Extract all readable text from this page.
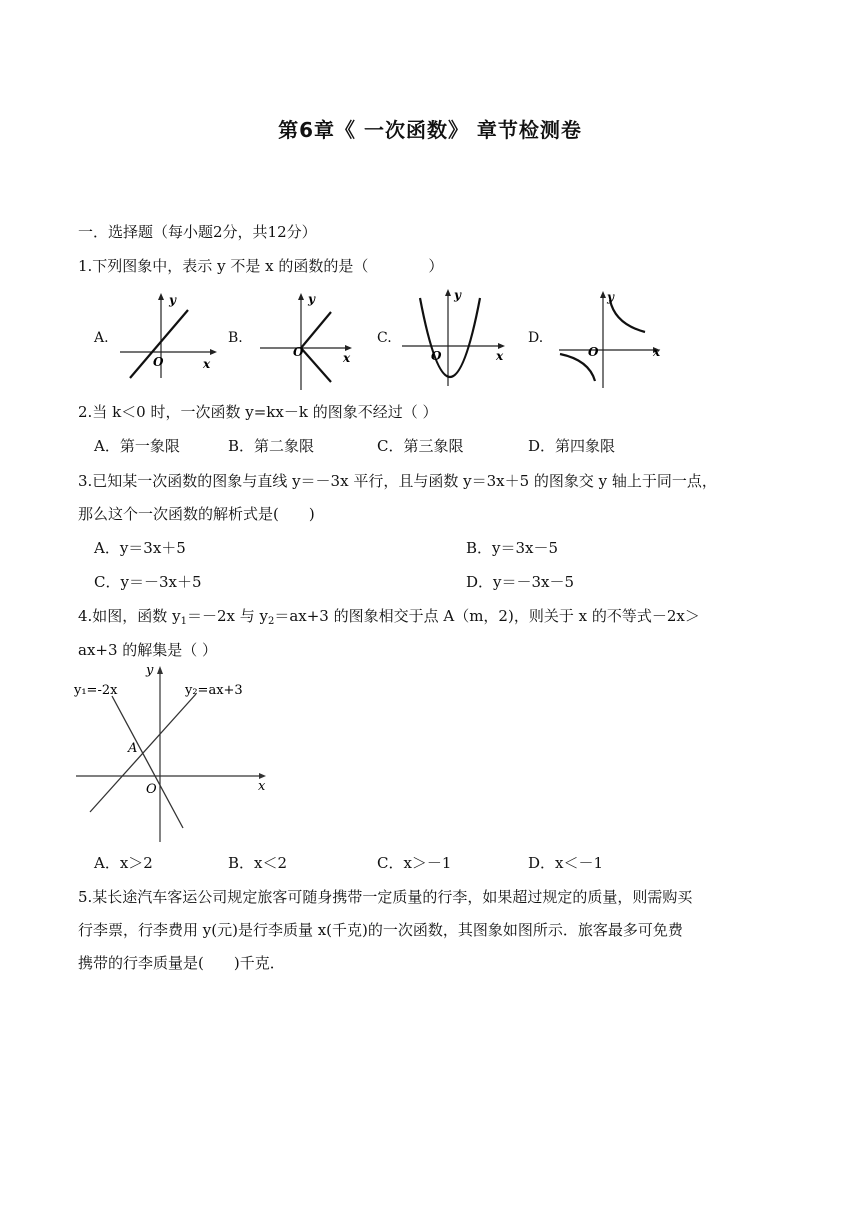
第6章《 一次函数》 章节检测卷
一．选择题（每小题2分，共12分）
1.下列图象中，表示 y 不是 x 的函数的是（　　　　）
A.
y
x
O
B.
y
x
O
C.
y
x
O
D.
y
x
O
2.当 k＜0 时，一次函数 y=kx－k 的图象不经过（ ）
A．第一象限	B．第二象限	C．第三象限	D．第四象限
3.已知某一次函数的图象与直线 y＝－3x 平行，且与函数 y＝3x＋5 的图象交 y 轴上于同一点，
那么这个一次函数的解析式是(　　)
A．y＝3x＋5	B．y＝3x－5
C．y＝－3x＋5	D．y＝－3x－5
4.如图，函数 $y_1=-2x$ 与 $y_2=ax+3$ 的图象相交于点 A（m，2)，则关于 x 的不等式－2x＞
ax+3 的解集是（ ）
y₁=-2x	y₂=ax+3
A
O	x
y
A．x＞2	B．x＜2	C．x＞－1	D．x＜－1
5.某长途汽车客运公司规定旅客可随身携带一定质量的行李，如果超过规定的质量，则需购买
行李票，行李费用 y(元)是行李质量 x(千克)的一次函数，其图象如图所示．旅客最多可免费
携带的行李质量是(　　)千克．
